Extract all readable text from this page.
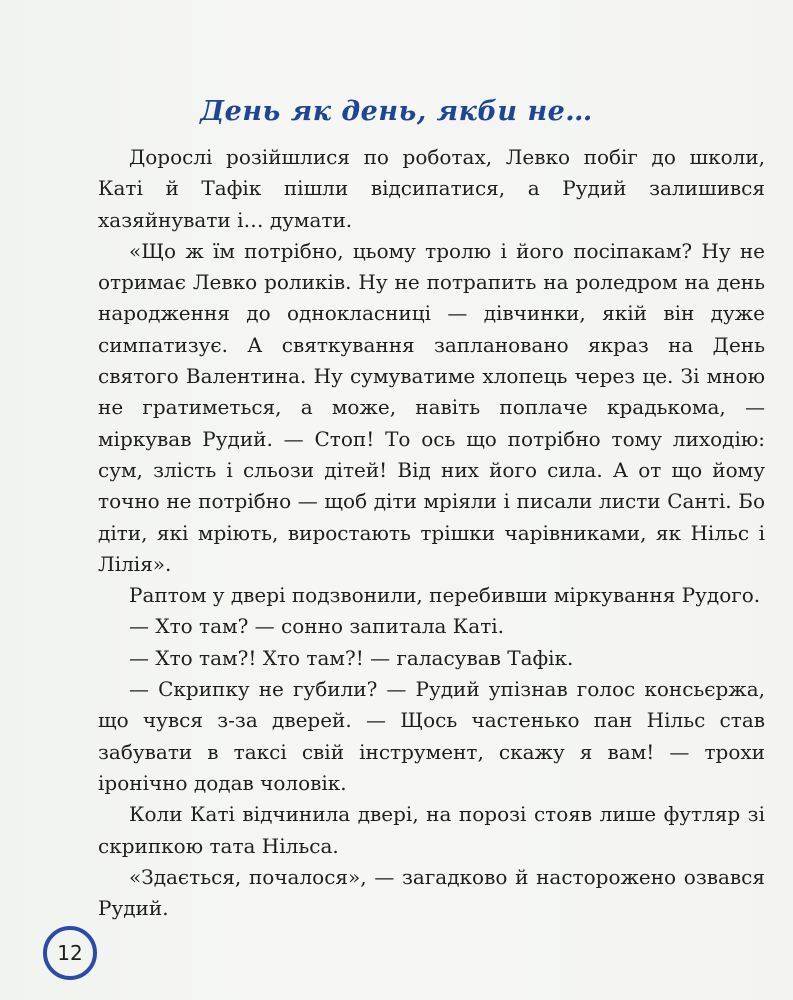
День як день, якби не…

Дорослі розійшлися по роботах, Левко побіг до школи, Каті й Тафік пішли відсипатися, а Рудий залишився хазяйнувати і… думати.

«Що ж їм потрібно, цьому тролю і його посіпакам? Ну не отримає Левко роликів. Ну не потрапить на роледром на день народження до однокласниці — дівчинки, якій він дуже симпатизує. А святкування заплановано якраз на День святого Валентина. Ну сумуватиме хлопець через це. Зі мною не гратиметься, а може, навіть поплаче крадькома, — міркував Рудий. — Стоп! То ось що потрібно тому лиходію: сум, злість і сльози дітей! Від них його сила. А от що йому точно не потрібно — щоб діти мріяли і писали листи Санті. Бо діти, які мріють, виростають трішки чарівниками, як Нільс і Лілія».

Раптом у двері подзвонили, перебивши міркування Рудого.

— Хто там? — сонно запитала Каті.

— Хто там?! Хто там?! — галасував Тафік.

— Скрипку не губили? — Рудий упізнав голос консьєржа, що чувся з-за дверей. — Щось частенько пан Нільс став забувати в таксі свій інструмент, скажу я вам! — трохи іронічно додав чоловік.

Коли Каті відчинила двері, на порозі стояв лише футляр зі скрипкою тата Нільса.

«Здається, почалося», — загадково й насторожено озвався Рудий.

12
